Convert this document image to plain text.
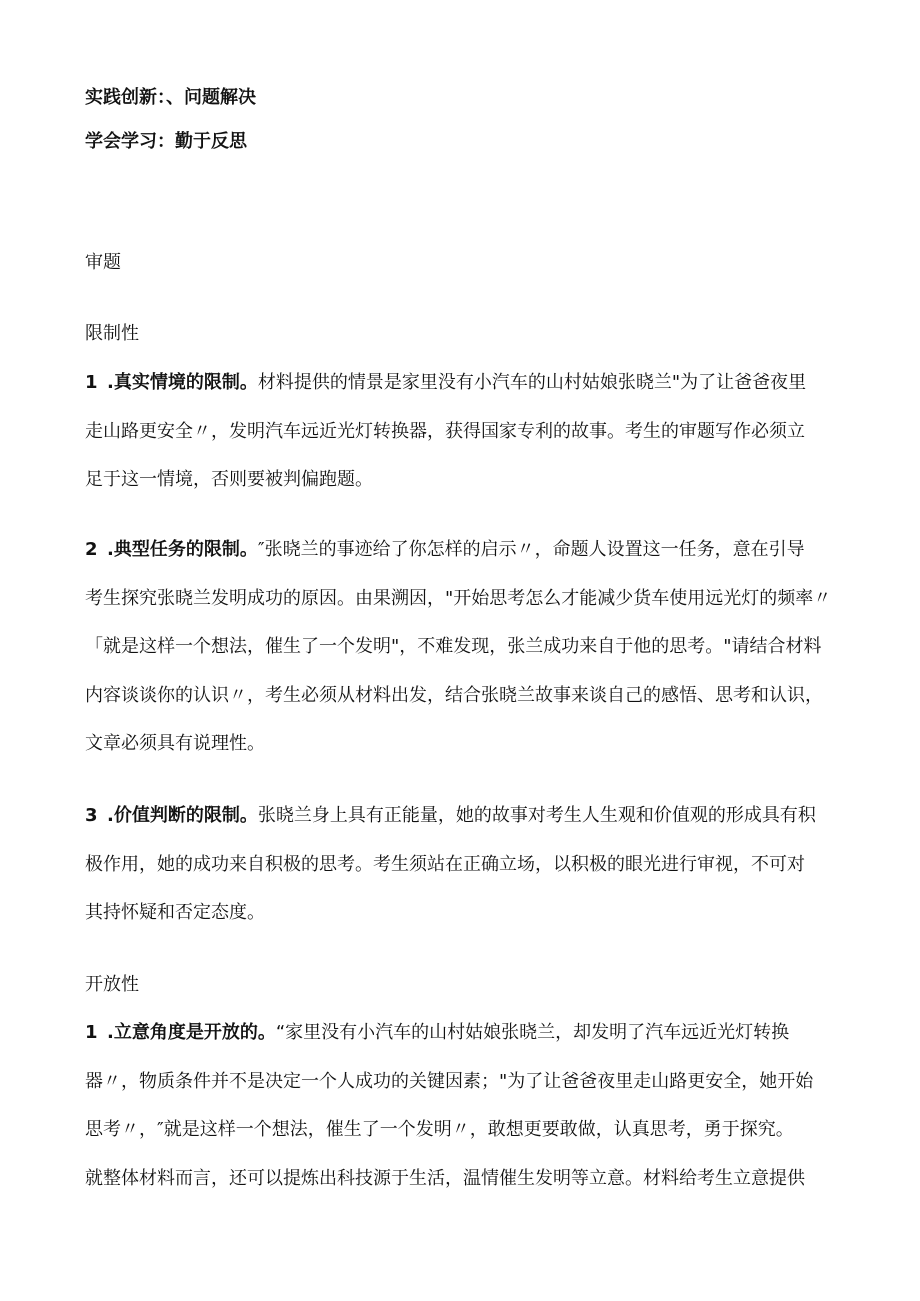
实践创新：、问题解决
学会学习：勤于反思
审题
限制性

1 .真实情境的限制。材料提供的情景是家里没有小汽车的山村姑娘张晓兰"为了让爸爸夜里

走山路更安全〃，发明汽车远近光灯转换器，获得国家专利的故事。考生的审题写作必须立

足于这一情境，否则要被判偏跑题。

2 .典型任务的限制。″张晓兰的事迹给了你怎样的启示〃，命题人设置这一任务，意在引导

考生探究张晓兰发明成功的原因。由果溯因，"开始思考怎么才能减少货车使用远光灯的频率〃

「就是这样一个想法，催生了一个发明"，不难发现，张兰成功来自于他的思考。"请结合材料

内容谈谈你的认识〃，考生必须从材料出发，结合张晓兰故事来谈自己的感悟、思考和认识，

文章必须具有说理性。

3 .价值判断的限制。张晓兰身上具有正能量，她的故事对考生人生观和价值观的形成具有积

极作用，她的成功来自积极的思考。考生须站在正确立场，以积极的眼光进行审视，不可对

其持怀疑和否定态度。

开放性

1 .立意角度是开放的。“家里没有小汽车的山村姑娘张晓兰，却发明了汽车远近光灯转换

器〃，物质条件并不是决定一个人成功的关键因素；"为了让爸爸夜里走山路更安全，她开始

思考〃，″就是这样一个想法，催生了一个发明〃，敢想更要敢做，认真思考，勇于探究。

就整体材料而言，还可以提炼出科技源于生活，温情催生发明等立意。材料给考生立意提供
